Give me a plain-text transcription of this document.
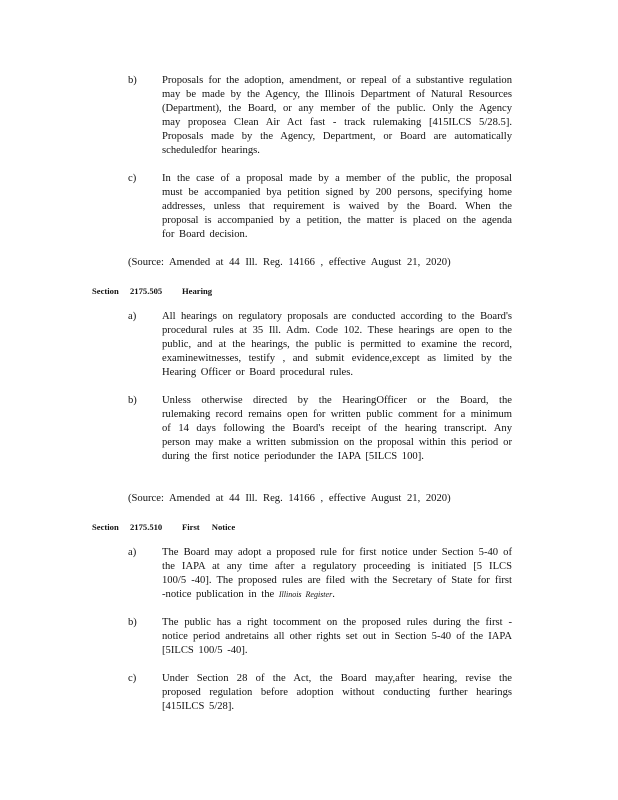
b)	Proposals for the adoption, amendment, or repeal of a substantive regulation may be made by the Agency, the Illinois Department of Natural Resources (Department), the Board, or any member of the public. Only the Agency may proposea Clean Air Act fast - track rulemaking [415ILCS 5/28.5]. Proposals made by the Agency, Department, or Board are automatically scheduledfor hearings.
c)	In the case of a proposal made by a member of the public, the proposal must be accompanied bya petition signed by 200 persons, specifying home addresses, unless that requirement is waived by the Board. When the proposal is accompanied by a petition, the matter is placed on the agenda for Board decision.
(Source: Amended at 44 Ill. Reg. 14166 , effective August 21, 2020)
Section 2175.505 Hearing
a)	All hearings on regulatory proposals are conducted according to the Board's procedural rules at 35 Ill. Adm. Code 102. These hearings are open to the public, and at the hearings, the public is permitted to examine the record, examinewitnesses, testify , and submit evidence,except as limited by the Hearing Officer or Board procedural rules.
b)	Unless otherwise directed by the HearingOfficer or the Board, the rulemaking record remains open for written public comment for a minimum of 14 days following the Board's receipt of the hearing transcript. Any person may make a written submission on the proposal within this period or during the first notice periodunder the IAPA [5ILCS 100].
(Source: Amended at 44 Ill. Reg. 14166 , effective August 21, 2020)
Section 2175.510 First Notice
a)	The Board may adopt a proposed rule for first notice under Section 5-40 of the IAPA at any time after a regulatory proceeding is initiated [5 ILCS 100/5 -40]. The proposed rules are filed with the Secretary of State for first -notice publication in the Illinois Register.
b)	The public has a right tocomment on the proposed rules during the first - notice period andretains all other rights set out in Section 5-40 of the IAPA [5ILCS 100/5 -40].
c)	Under Section 28 of the Act, the Board may,after hearing, revise the proposed regulation before adoption without conducting further hearings [415ILCS 5/28].
